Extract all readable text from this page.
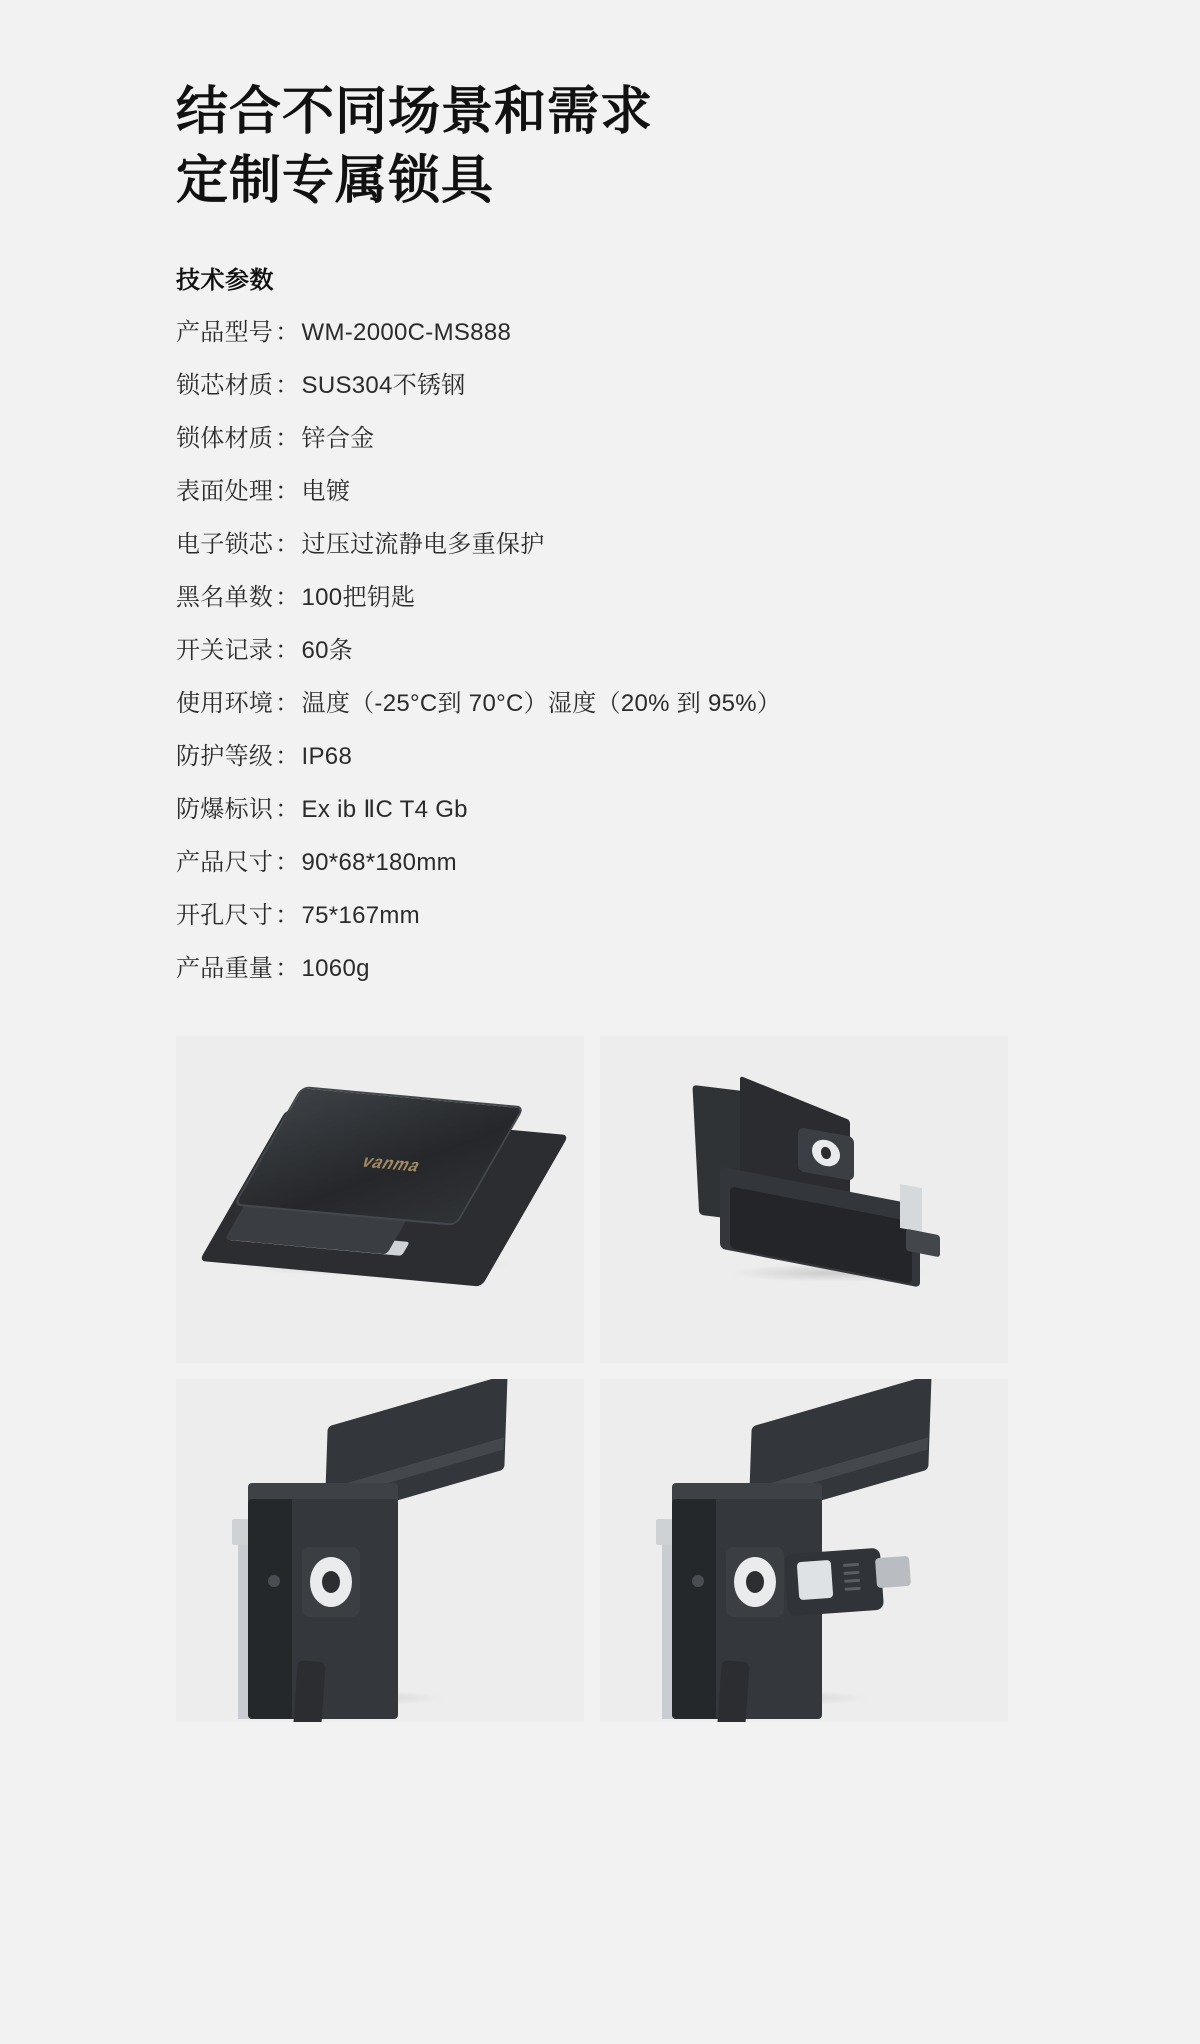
结合不同场景和需求
定制专属锁具
技术参数
产品型号：WM-2000C-MS888
锁芯材质：SUS304不锈钢
锁体材质：锌合金
表面处理：电镀
电子锁芯：过压过流静电多重保护
黑名单数：100把钥匙
开关记录：60条
使用环境：温度（-25°C到 70°C）湿度（20% 到 95%）
防护等级：IP68
防爆标识：Ex ib ⅡC T4 Gb
产品尺寸：90*68*180mm
开孔尺寸：75*167mm
产品重量：1060g
vanma
